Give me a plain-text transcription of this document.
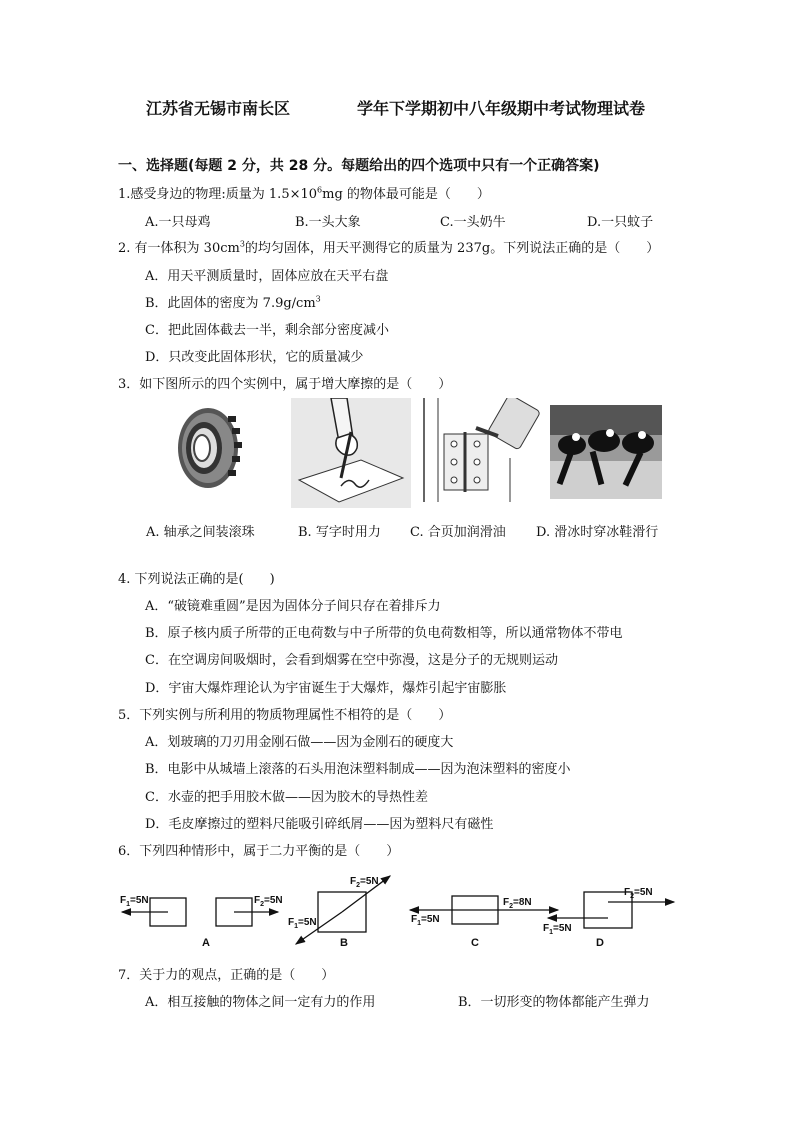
江苏省无锡市南长区	学年下学期初中八年级期中考试物理试卷
一、选择题(每题 2 分，共 28 分。每题给出的四个选项中只有一个正确答案)
1.感受身边的物理:质量为 $1.5\times 10^6mg$ 的物体最可能是（　　）
A.一只母鸡	B.一头大象	C.一头奶牛	D.一只蚊子
2. 有一体积为 $30cm^3$的均匀固体，用天平测得它的质量为 237g。下列说法正确的是（　　）
A．用天平测质量时，固体应放在天平右盘
B．此固体的密度为 $7.9g/cm^3$
C．把此固体截去一半，剩余部分密度减小
D．只改变此固体形状，它的质量减少
3．如下图所示的四个实例中，属于增大摩擦的是（　　）
A. 轴承之间装滚珠	B. 写字时用力 C. 合页加润滑油 D. 滑冰时穿冰鞋滑行
4. 下列说法正确的是(　　)
A．“破镜难重圆”是因为固体分子间只存在着排斥力
B．原子核内质子所带的正电荷数与中子所带的负电荷数相等，所以通常物体不带电
C．在空调房间吸烟时，会看到烟雾在空中弥漫，这是分子的无规则运动
D．宇宙大爆炸理论认为宇宙诞生于大爆炸，爆炸引起宇宙膨胀
5．下列实例与所利用的物质物理属性不相符的是（　　）
A．划玻璃的刀刃用金刚石做——因为金刚石的硬度大
B．电影中从城墙上滚落的石头用泡沫塑料制成——因为泡沫塑料的密度小
C．水壶的把手用胶木做——因为胶木的导热性差
D．毛皮摩擦过的塑料尺能吸引碎纸屑——因为塑料尺有磁性
6．下列四种情形中，属于二力平衡的是（　　）
$F_1=5N$	$F_2=5N$
$F_2=5N$
$F_1=5N$	$F_1=5N$
$F_2=8N$
$F_2=5N$
$F_1=5N$
A	B	C	D
7．关于力的观点，正确的是（　　）
A．相互接触的物体之间一定有力的作用	B．一切形变的物体都能产生弹力
